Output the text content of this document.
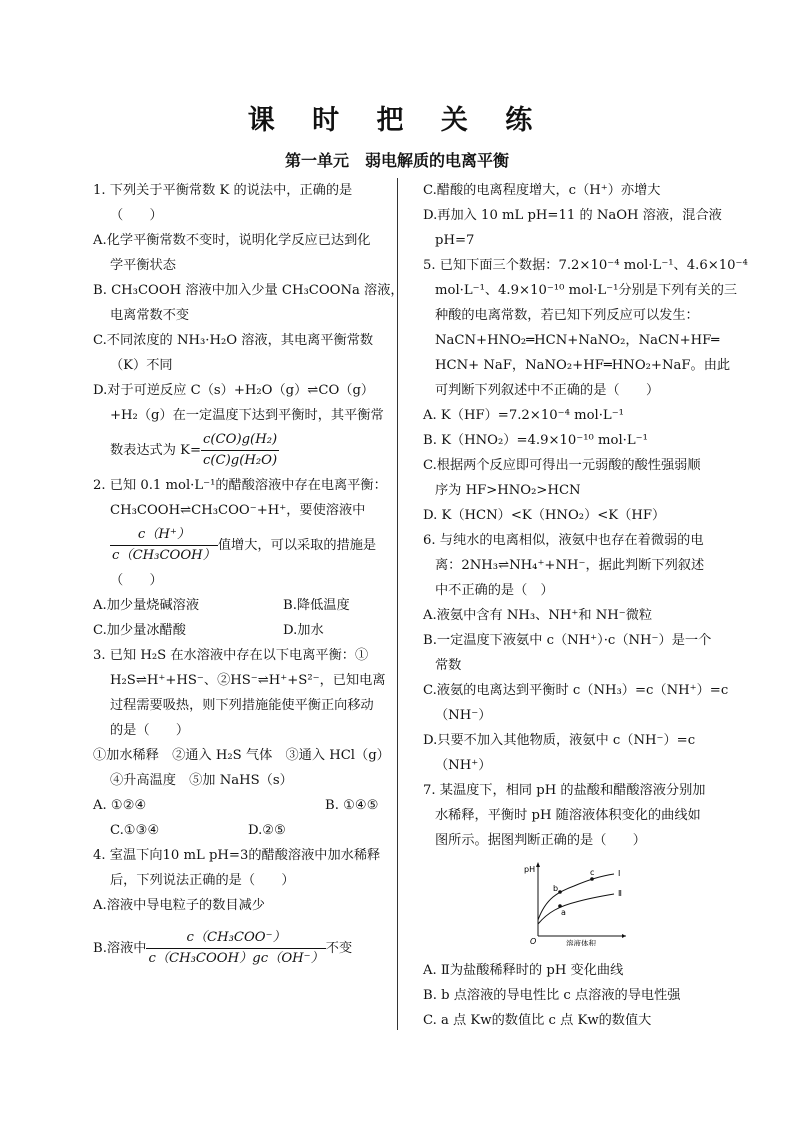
课 时 把 关 练
第一单元　弱电解质的电离平衡
1. 下列关于平衡常数 K 的说法中，正确的是
（　　）
A.化学平衡常数不变时，说明化学反应已达到化
学平衡状态
B. CH₃COOH 溶液中加入少量 CH₃COONa 溶液，
电离常数不变
C.不同浓度的 NH₃·H₂O 溶液，其电离平衡常数
（K）不同
D.对于可逆反应 C（s）+H₂O（g）⇌CO（g）
+H₂（g）在一定温度下达到平衡时，其平衡常
数表达式为 $K= \frac{\text{c(CO)g(H₂)}}{\text{c(C)g(H₂O)}}$
2. 已知 0.1 mol·L⁻¹的醋酸溶液中存在电离平衡：
CH₃COOH⇌CH₃COO⁻+H⁺，要使溶液中
$\frac{c(H^+)}{\text{c（CH₃COOH）}}$ 值增大，可以采取的措施是
（　　）
A.加少量烧碱溶液	B.降低温度
C.加少量冰醋酸	D.加水
3. 已知 H₂S 在水溶液中存在以下电离平衡：①
H₂S⇌H⁺+HS⁻、②HS⁻⇌H⁺+S²⁻，已知电离
过程需要吸热，则下列措施能使平衡正向移动
的是（　　）
①加水稀释　②通入 H₂S 气体　③通入 HCl（g）
④升高温度　⑤加 NaHS（s）
A. ①②④	B. ①④⑤
C.①③④	D.②⑤
4. 室温下向10 mL pH=3的醋酸溶液中加水稀释
后，下列说法正确的是（　　）
A.溶液中导电粒子的数目减少
B.溶液中 $\frac{\text{c（CH₃COO⁻）}}{\text{c（CH₃COOH）gc（OH⁻）}}$ 不变
C.醋酸的电离程度增大，c（H⁺）亦增大
D.再加入 10 mL pH=11 的 NaOH 溶液，混合液
pH=7
5. 已知下面三个数据：7.2×10⁻⁴ mol·L⁻¹、4.6×10⁻⁴
mol·L⁻¹、4.9×10⁻¹⁰ mol·L⁻¹分别是下列有关的三
种酸的电离常数，若已知下列反应可以发生：
NaCN+HNO₂═HCN+NaNO₂，NaCN+HF═
HCN+ NaF，NaNO₂+HF═HNO₂+NaF。由此
可判断下列叙述中不正确的是（　　）
A. K（HF）=7.2×10⁻⁴ mol·L⁻¹
B. K（HNO₂）=4.9×10⁻¹⁰ mol·L⁻¹
C.根据两个反应即可得出一元弱酸的酸性强弱顺
序为 HF>HNO₂>HCN
D. K（HCN）<K（HNO₂）<K（HF）
6. 与纯水的电离相似，液氨中也存在着微弱的电
离：2NH₃⇌NH₄⁺+NH⁻，据此判断下列叙述
中不正确的是（　）
A.液氨中含有 NH₃、NH⁺和 NH⁻微粒
B.一定温度下液氨中 c（NH⁺）·c（NH⁻）是一个
常数
C.液氨的电离达到平衡时 c（NH₃）=c（NH⁺）=c
（NH⁻）
D.只要不加入其他物质，液氨中 c（NH⁻）=c
（NH⁺）
7. 某温度下，相同 pH 的盐酸和醋酸溶液分别加
水稀释，平衡时 pH 随溶液体积变化的曲线如
图所示。据图判断正确的是（　　）
A. Ⅱ为盐酸稀释时的 pH 变化曲线
B. b 点溶液的导电性比 c 点溶液的导电性强
C. a 点 Kw的数值比 c 点 Kw的数值大
pH
O	溶液体积
Ⅰ
Ⅱ
b
c
a
